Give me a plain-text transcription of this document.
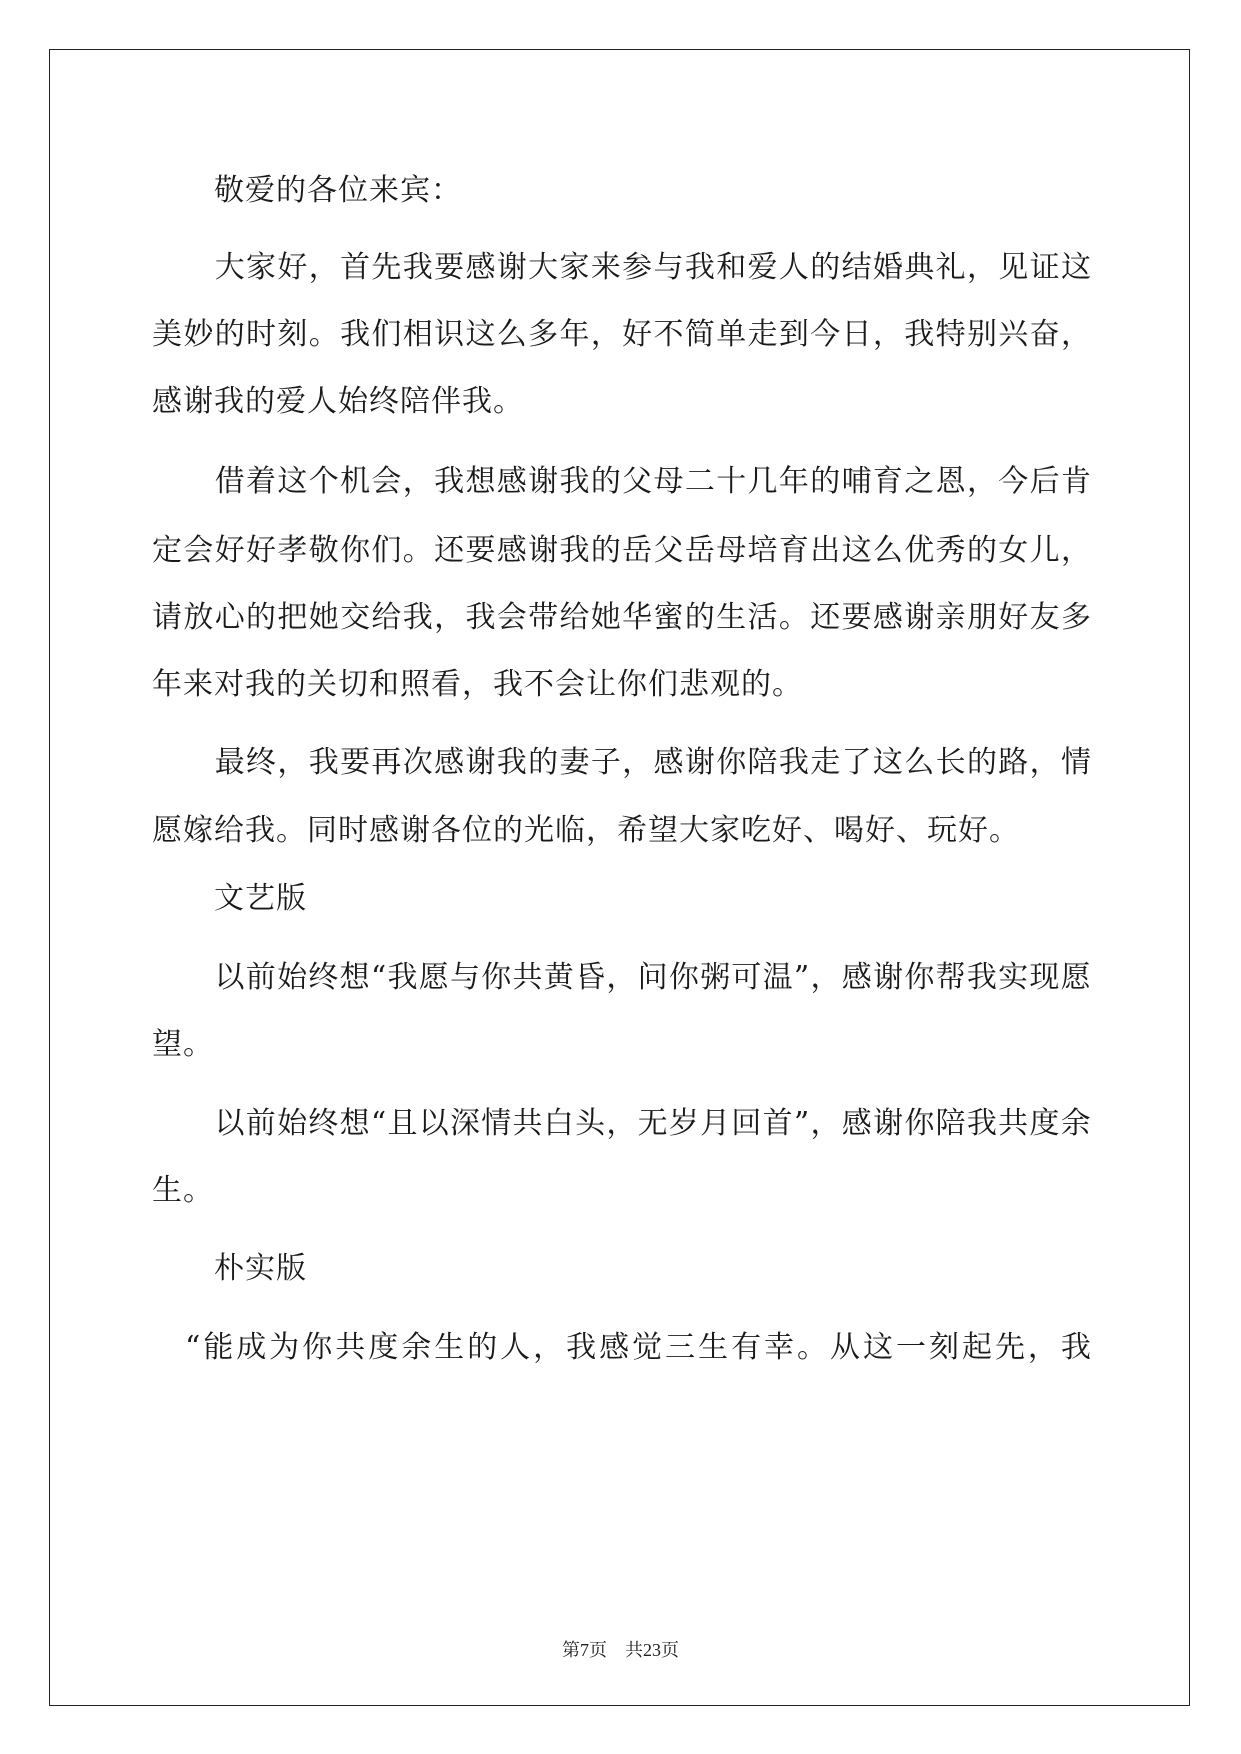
　　敬爱的各位来宾：

大 家 好 ， 首 先 我 要 感 谢 大 家 来 参 与 我 和 爱 人 的 结 婚 典 礼 ， 见 证 这
美 妙 的 时 刻 。 我 们 相 识 这 么 多 年 ， 好 不 简 单 走 到 今 日 ， 我 特 别 兴 奋 ，
感谢我的爱人始终陪伴我。

借 着 这 个 机 会 ， 我 想 感 谢 我 的 父 母 二 十 几 年 的 哺 育 之 恩 ， 今 后 肯
定 会 好 好 孝 敬 你 们 。 还 要 感 谢 我 的 岳 父 岳 母 培 育 出 这 么 优 秀 的 女 儿 ，
请 放 心 的 把 她 交 给 我 ， 我 会 带 给 她 华 蜜 的 生 活 。 还 要 感 谢 亲 朋 好 友 多
年来对我的关切和照看，我不会让你们悲观的。

最 终 ， 我 要 再 次 感 谢 我 的 妻 子 ， 感 谢 你 陪 我 走 了 这 么 长 的 路 ， 情
愿嫁给我。同时感谢各位的光临，希望大家吃好、喝好、玩好。
　　文艺版

以 前 始 终 想 “ 我 愿 与 你 共 黄 昏 ， 问 你 粥 可 温 ” ， 感 谢 你 帮 我 实 现 愿
望。

以 前 始 终 想 “ 且 以 深 情 共 白 头 ， 无 岁 月 回 首 ” ， 感 谢 你 陪 我 共 度 余
生。
　　朴实版

“ 能 成 为 你 共 度 余 生 的 人 ， 我 感 觉 三 生 有 幸 。 从 这 一 刻 起 先 ， 我
第7页　共23页
